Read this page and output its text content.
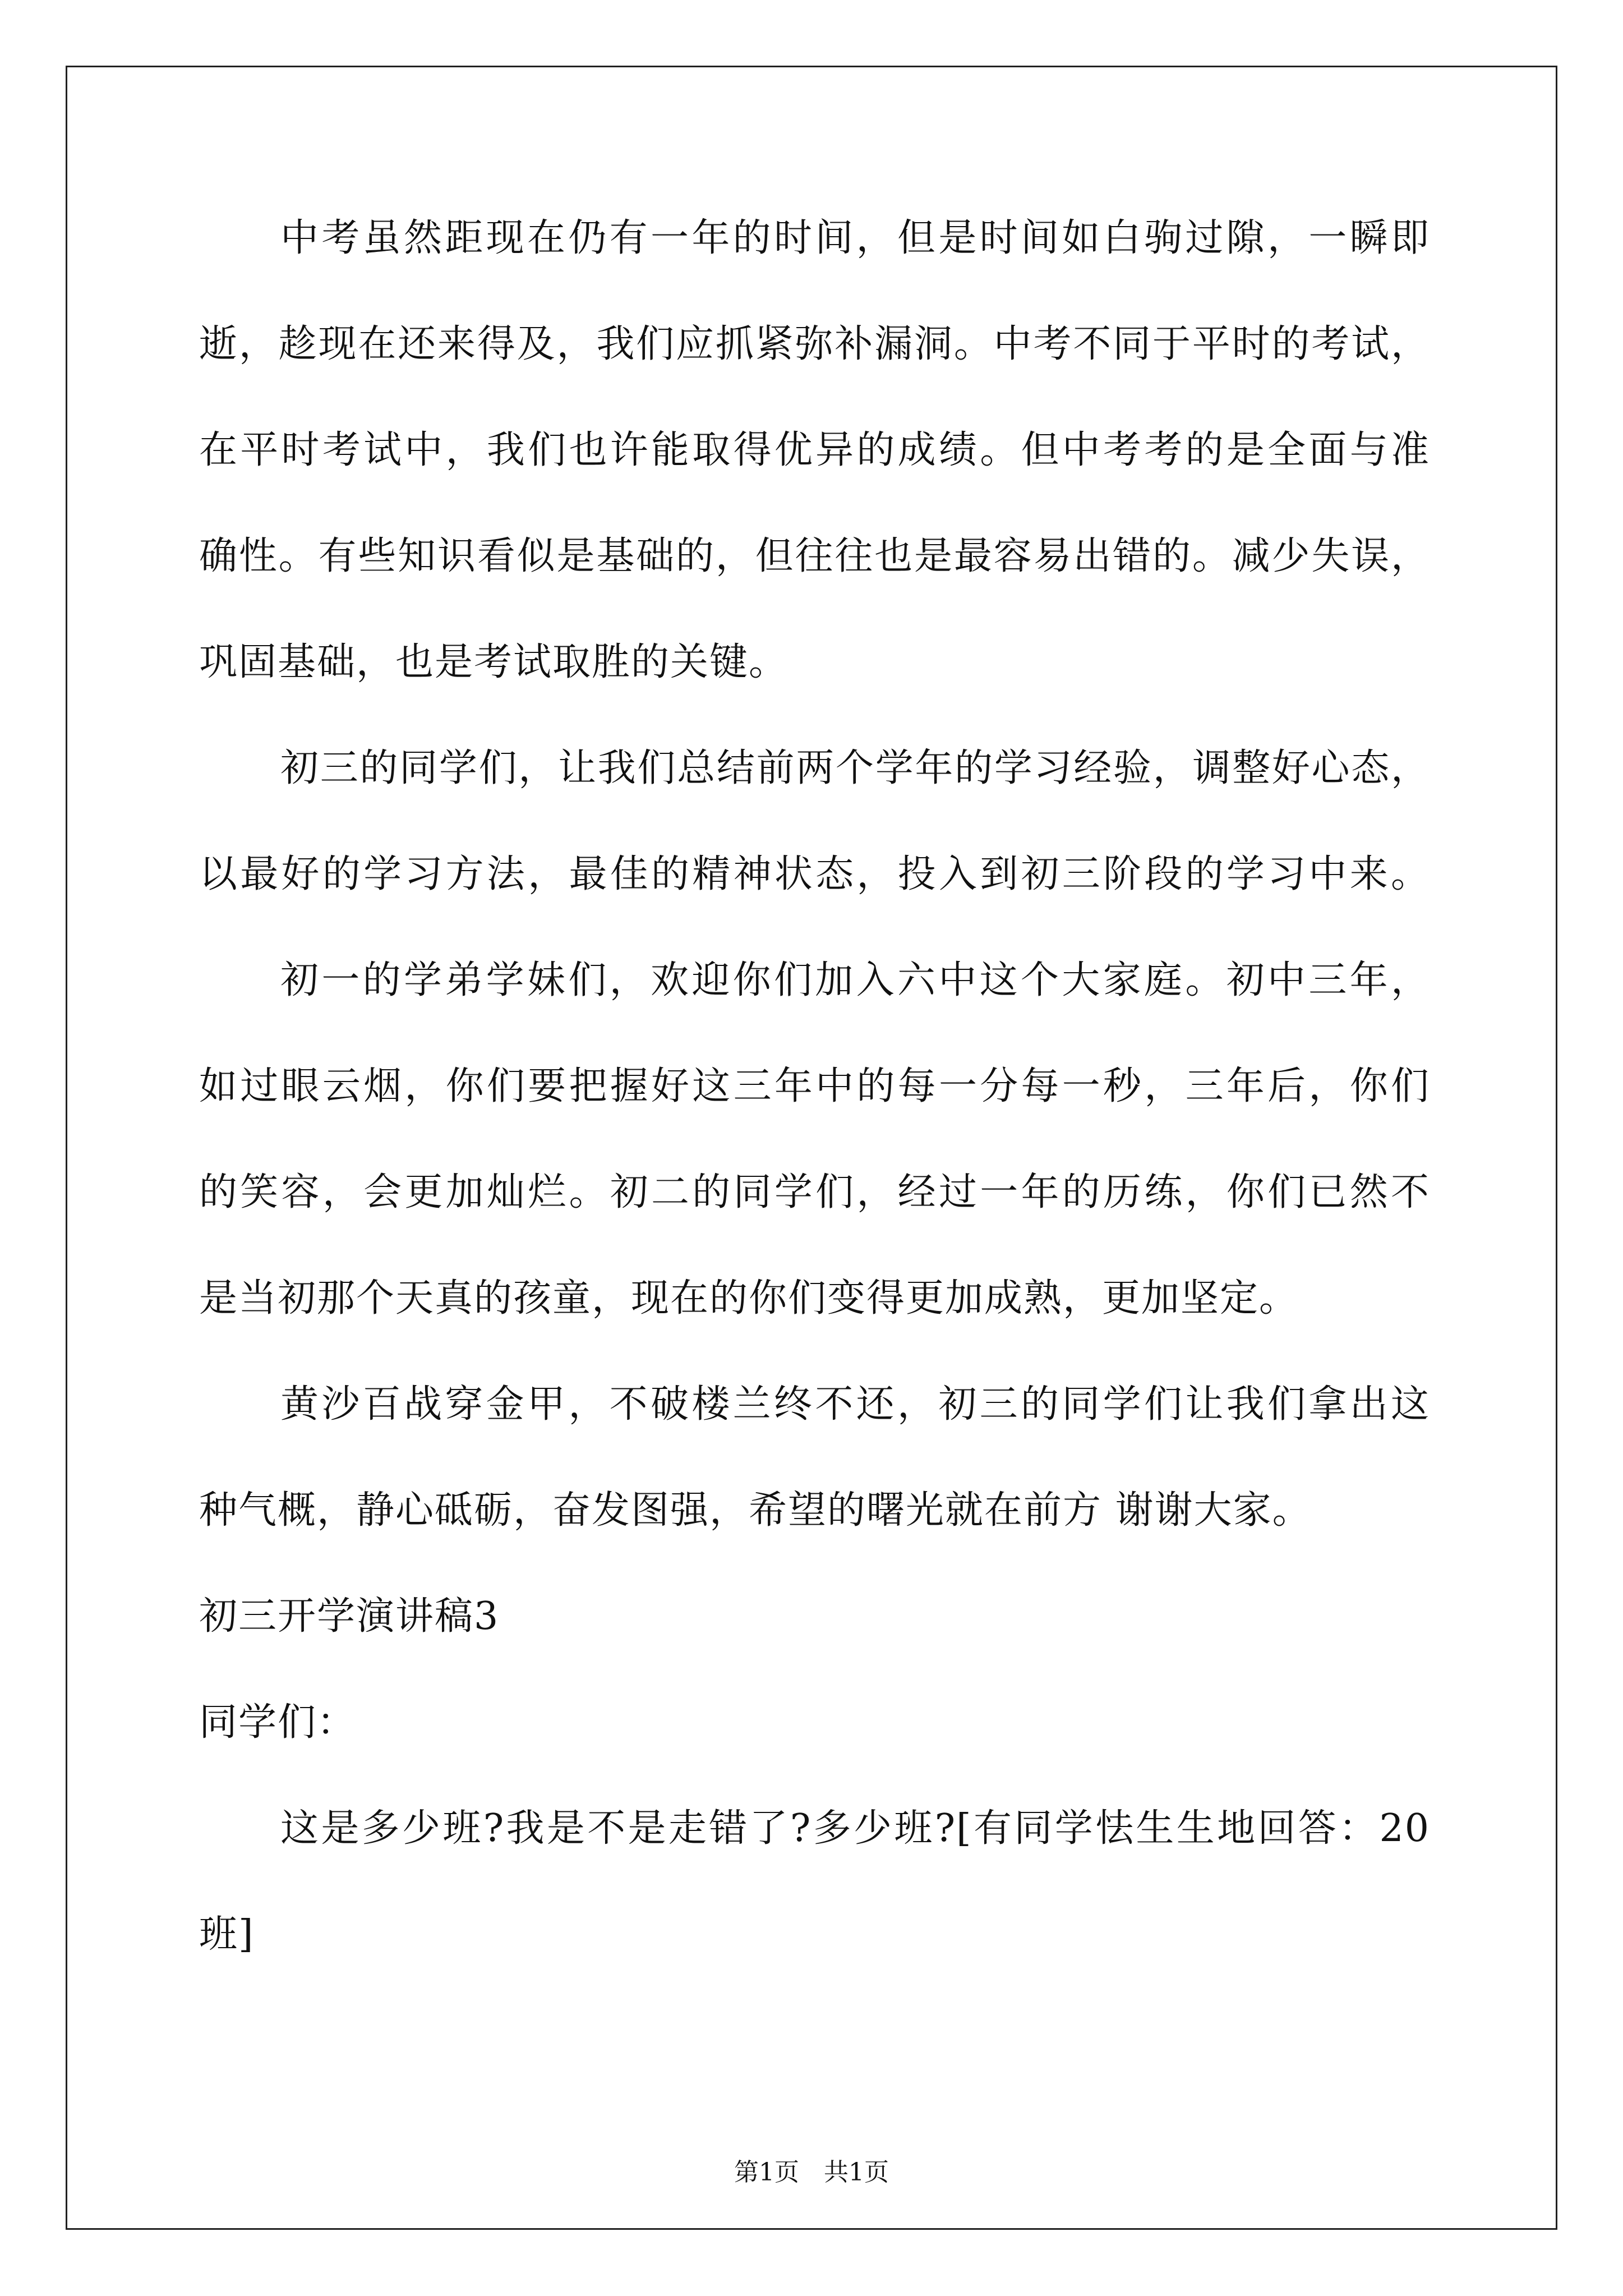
中考虽然距现在仍有一年的时间，但是时间如白驹过隙，一瞬即
逝，趁现在还来得及，我们应抓紧弥补漏洞。中考不同于平时的考试，
在平时考试中，我们也许能取得优异的成绩。但中考考的是全面与准
确性。有些知识看似是基础的，但往往也是最容易出错的。减少失误，
巩固基础，也是考试取胜的关键。
初三的同学们，让我们总结前两个学年的学习经验，调整好心态，
以最好的学习方法，最佳的精神状态，投入到初三阶段的学习中来。
初一的学弟学妹们，欢迎你们加入六中这个大家庭。初中三年，
如过眼云烟，你们要把握好这三年中的每一分每一秒，三年后，你们
的笑容，会更加灿烂。初二的同学们，经过一年的历练，你们已然不
是当初那个天真的孩童，现在的你们变得更加成熟，更加坚定。
黄沙百战穿金甲，不破楼兰终不还，初三的同学们让我们拿出这
种气概，静心砥砺，奋发图强，希望的曙光就在前方 谢谢大家。
初三开学演讲稿3
同学们：
这是多少班?我是不是走错了?多少班?[有同学怯生生地回答：20
班]
第1页　共1页
